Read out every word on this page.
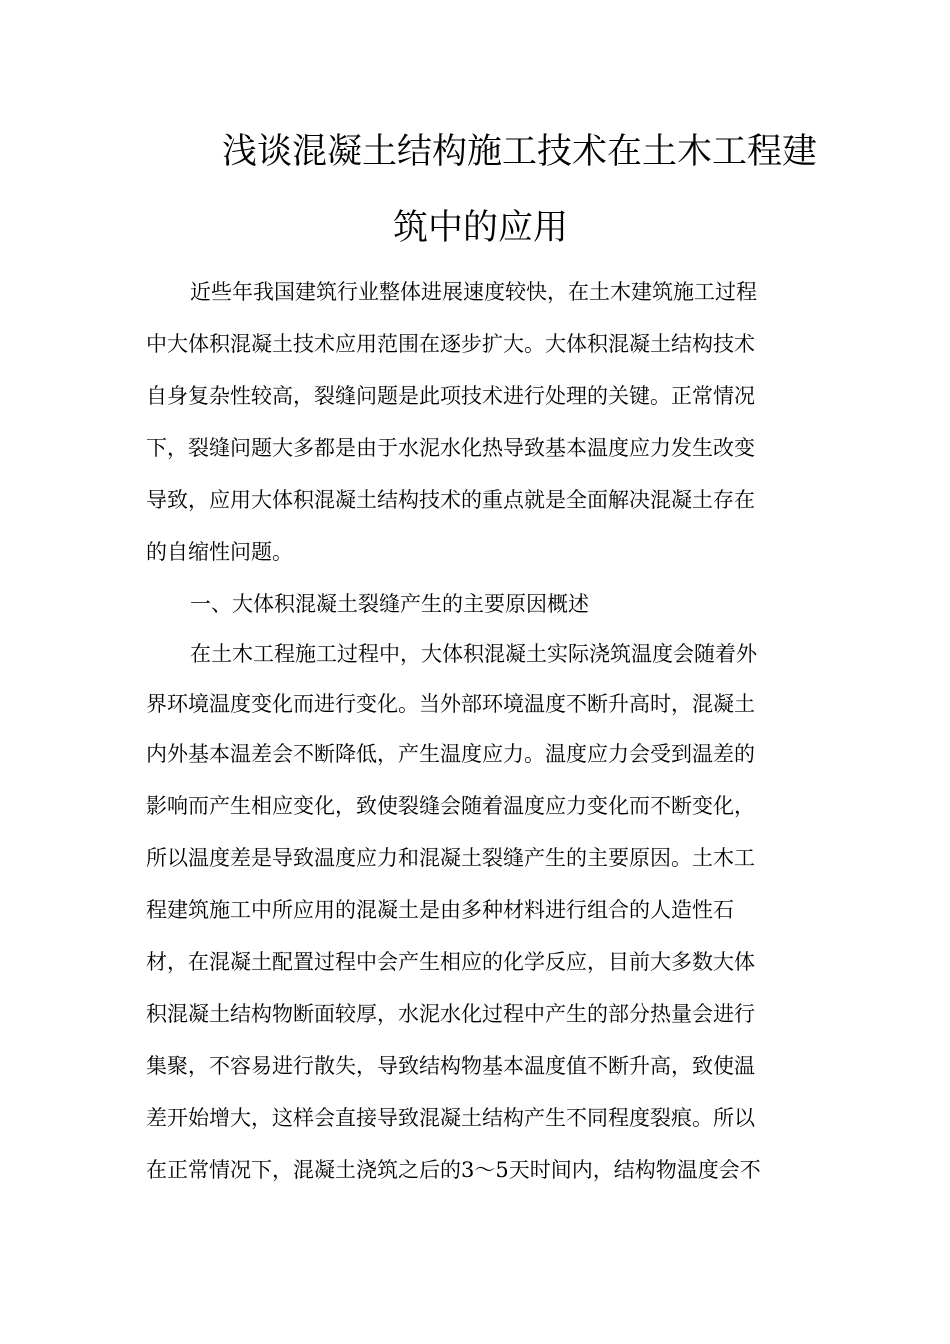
浅谈混凝土结构施工技术在土木工程建
筑中的应用
近些年我国建筑行业整体进展速度较快，在土木建筑施工过程
中大体积混凝土技术应用范围在逐步扩大。大体积混凝土结构技术
自身复杂性较高，裂缝问题是此项技术进行处理的关键。正常情况
下，裂缝问题大多都是由于水泥水化热导致基本温度应力发生改变
导致，应用大体积混凝土结构技术的重点就是全面解决混凝土存在
的自缩性问题。
一、大体积混凝土裂缝产生的主要原因概述
在土木工程施工过程中，大体积混凝土实际浇筑温度会随着外
界环境温度变化而进行变化。当外部环境温度不断升高时，混凝土
内外基本温差会不断降低，产生温度应力。温度应力会受到温差的
影响而产生相应变化，致使裂缝会随着温度应力变化而不断变化，
所以温度差是导致温度应力和混凝土裂缝产生的主要原因。土木工
程建筑施工中所应用的混凝土是由多种材料进行组合的人造性石
材，在混凝土配置过程中会产生相应的化学反应，目前大多数大体
积混凝土结构物断面较厚，水泥水化过程中产生的部分热量会进行
集聚，不容易进行散失，导致结构物基本温度值不断升高，致使温
差开始增大，这样会直接导致混凝土结构产生不同程度裂痕。所以
在正常情况下，混凝土浇筑之后的3～5天时间内，结构物温度会不
